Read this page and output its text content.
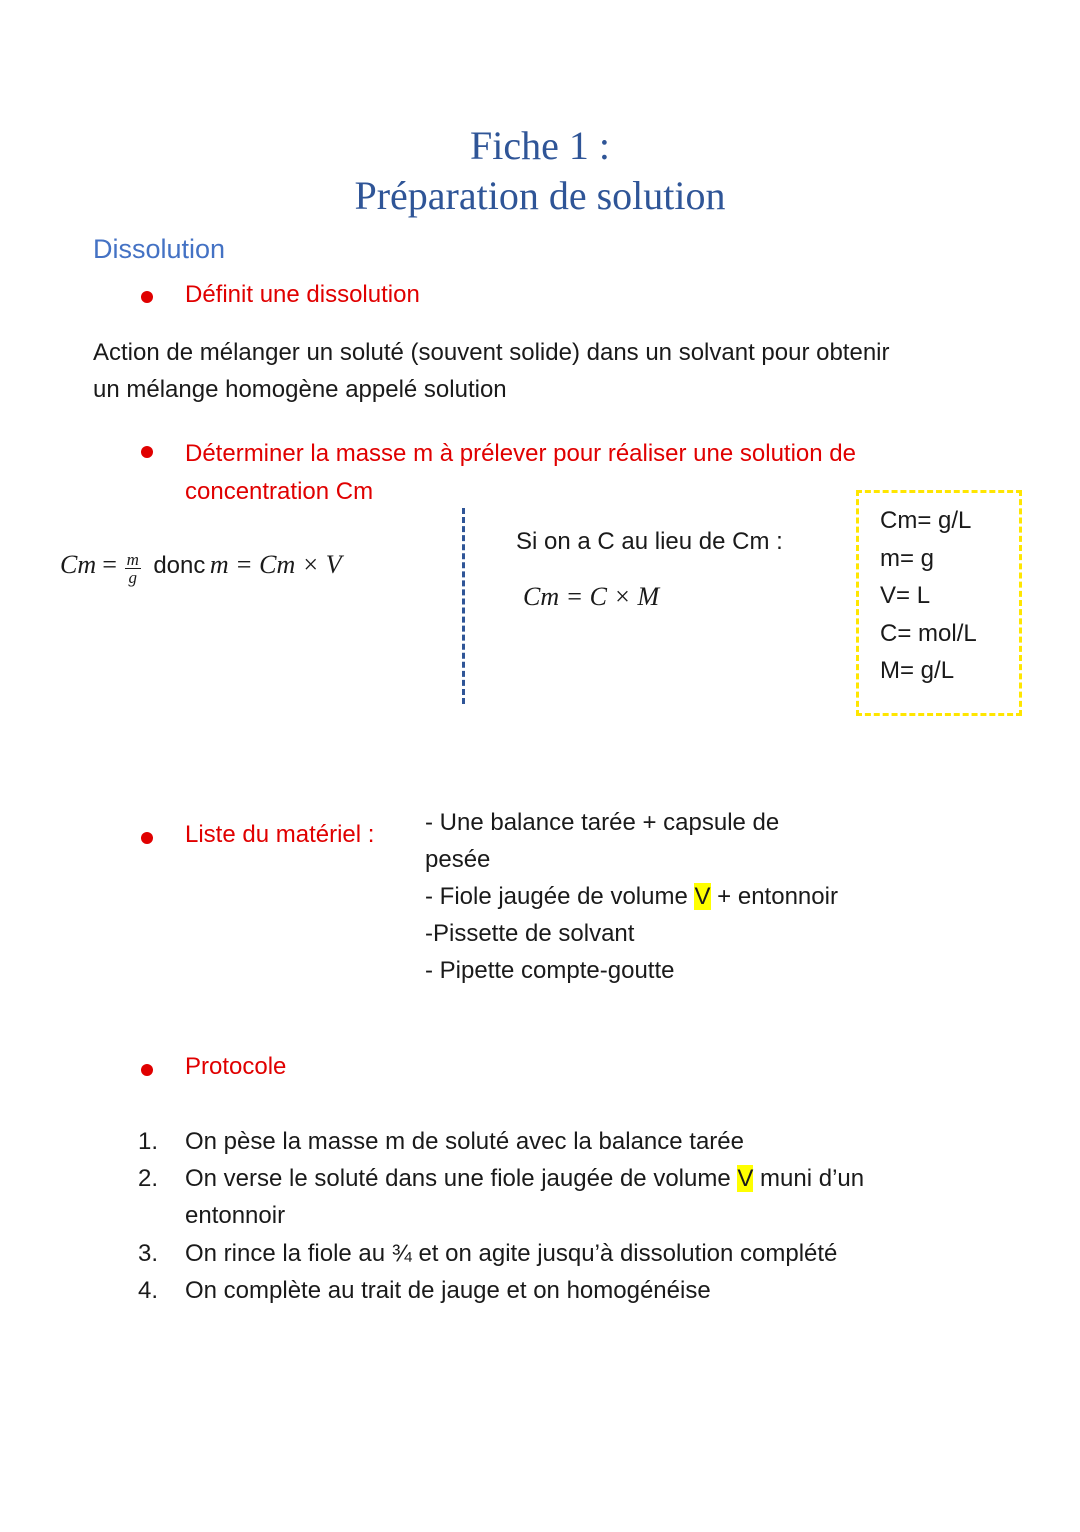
Fiche 1 :
Préparation de solution
Dissolution
Définit une dissolution
Action de mélanger un soluté (souvent solide) dans un solvant pour obtenir
un mélange homogène appelé solution
Déterminer la masse m à prélever pour réaliser une solution de
concentration Cm
$Cm = \frac{m}{g}$ donc m = Cm × V
Si on a C au lieu de Cm :
Cm = C × M
Cm= g/L
m= g
V= L
C= mol/L
M= g/L
Liste du matériel : - Une balance tarée + capsule de
pesée
- Fiole jaugée de volume V + entonnoir
-Pissette de solvant
- Pipette compte-goutte
Protocole
1. On pèse la masse m de soluté avec la balance tarée
2. On verse le soluté dans une fiole jaugée de volume V muni d’un
entonnoir
3. On rince la fiole au ¾ et on agite jusqu’à dissolution complété
4. On complète au trait de jauge et on homogénéise
